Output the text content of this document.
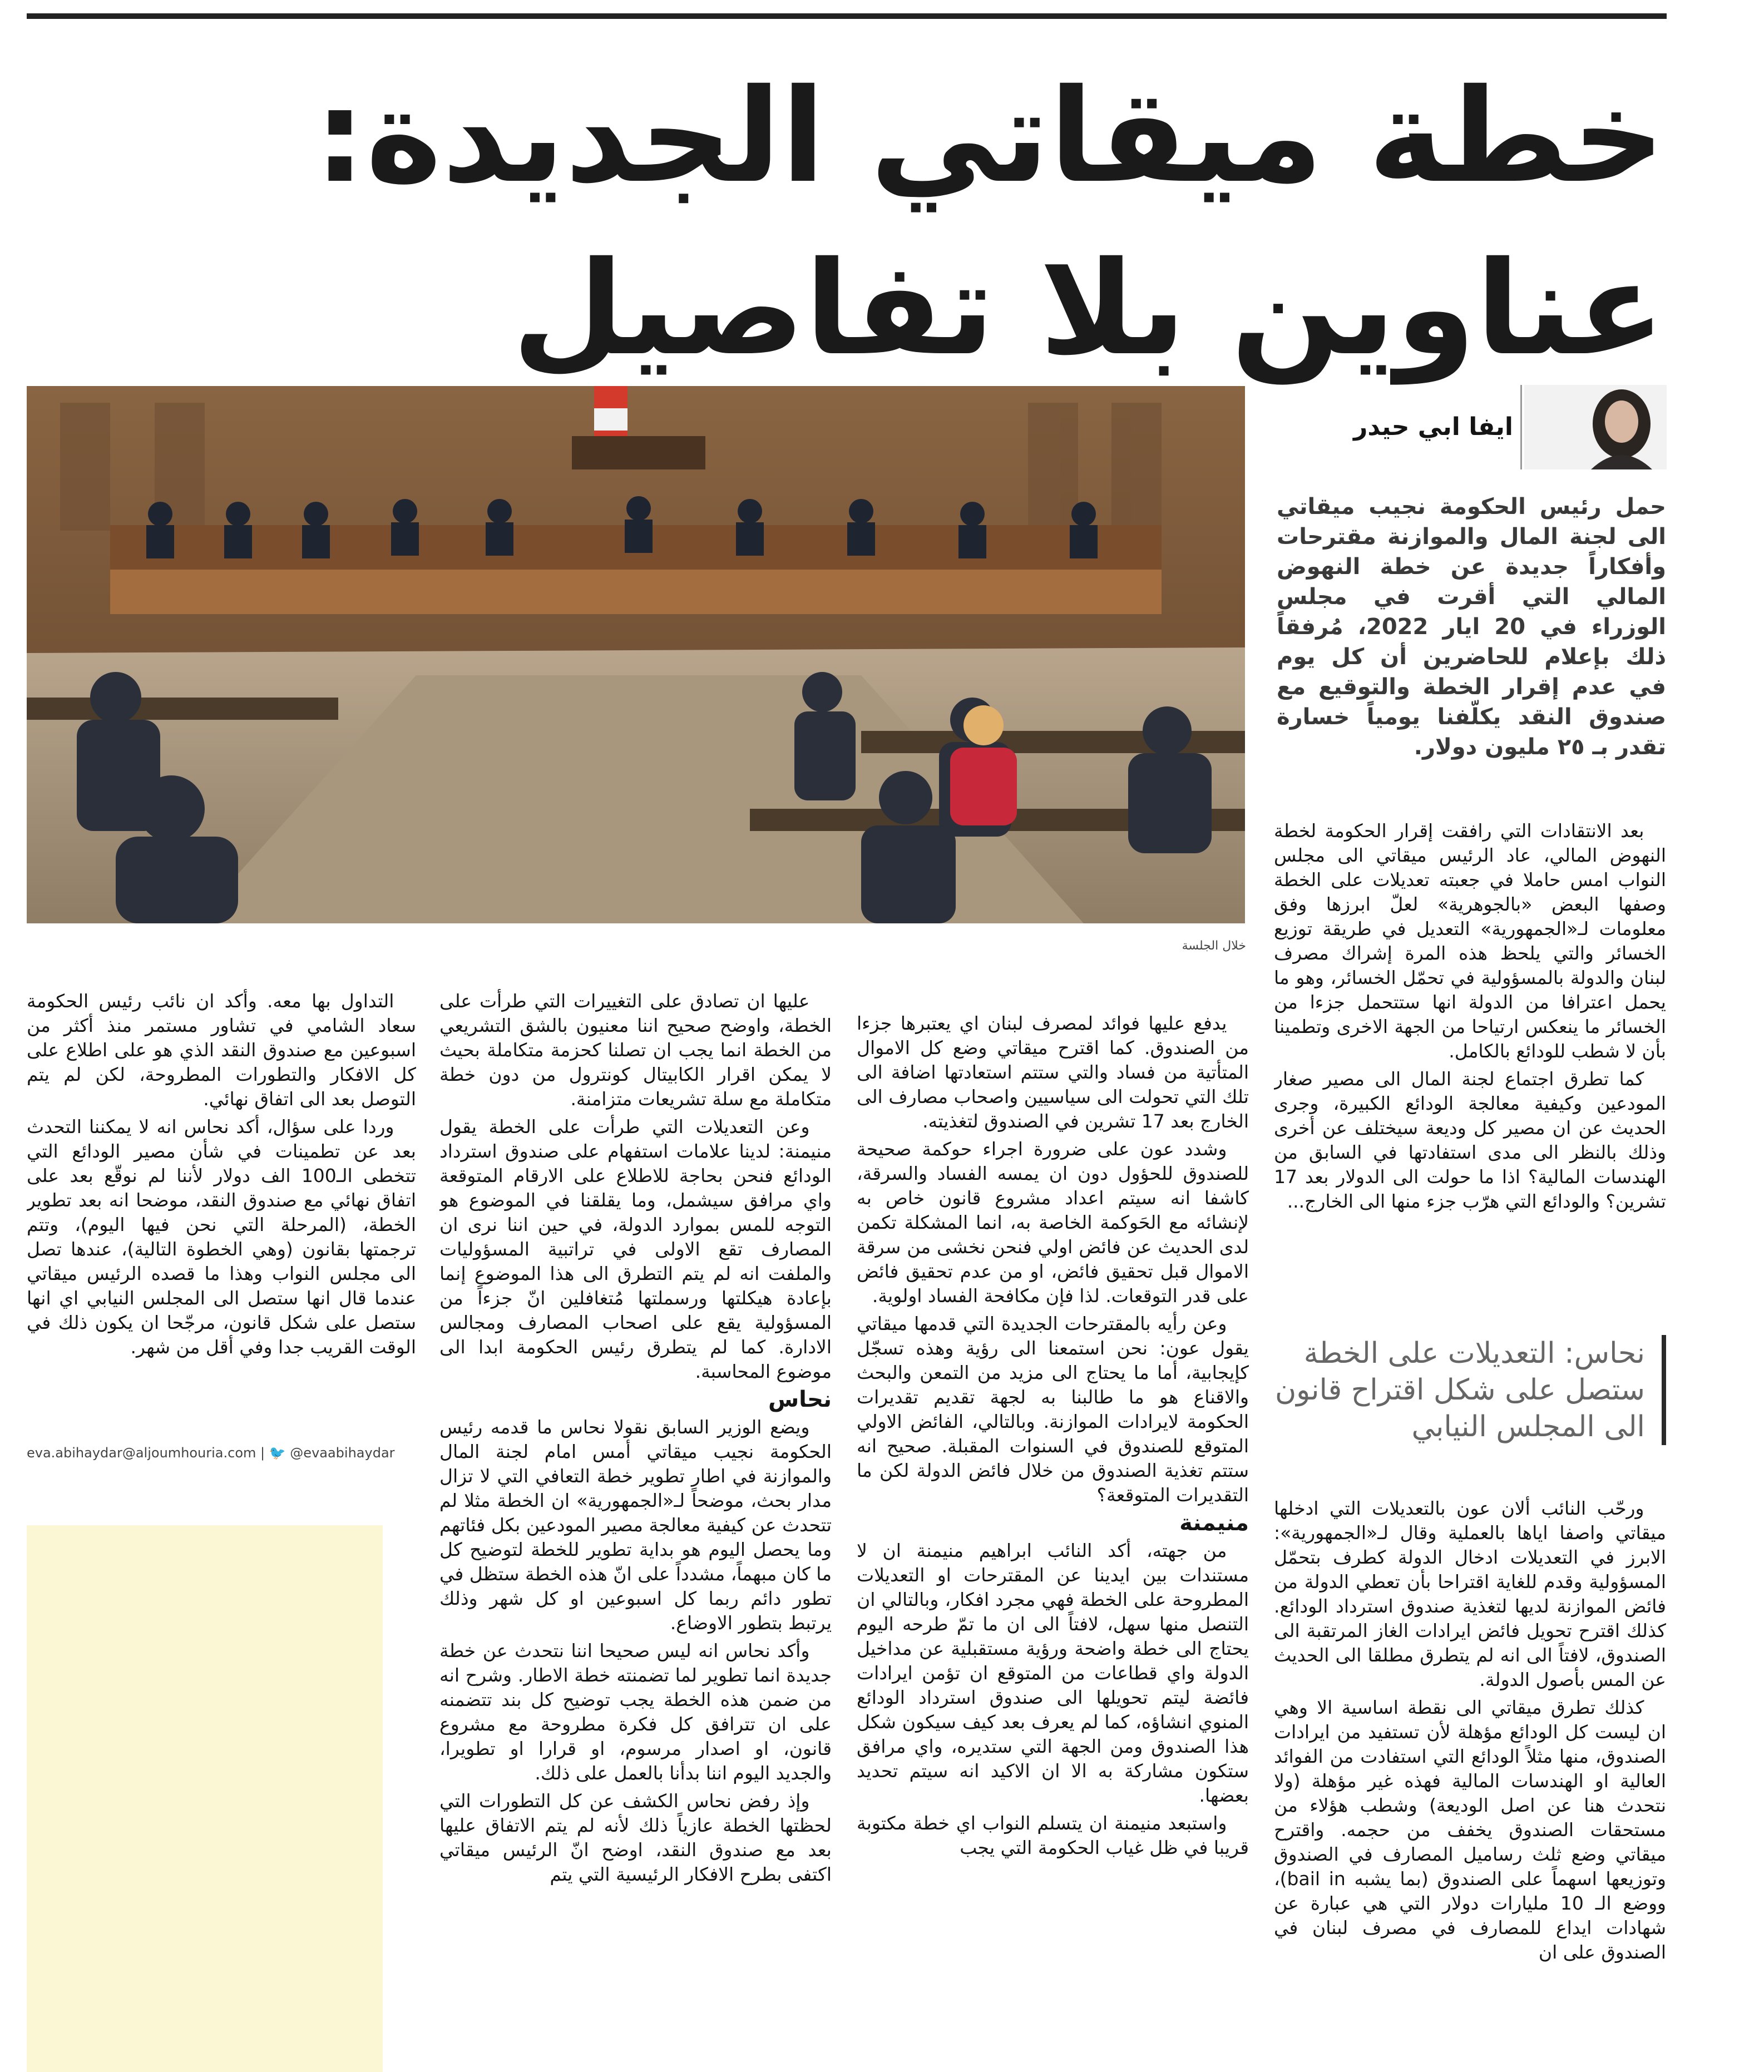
خطة ميقاتي الجديدة:
عناوين بلا تفاصيل
ايفا ابي حيدر

حمل رئيس الحكومة نجيب ميقاتي الى لجنة المال والموازنة مقترحات وأفكاراً جديدة عن خطة النهوض المالي التي أقرت في مجلس الوزراء في 20 ايار 2022، مُرفقاً ذلك بإعلام للحاضرين أن كل يوم في عدم إقرار الخطة والتوقيع مع صندوق النقد يكلّفنا يومياً خسارة تقدر بـ ٢٥ مليون دولار.

خلال الجلسة

بعد الانتقادات التي رافقت إقرار الحكومة لخطة النهوض المالي، عاد الرئيس ميقاتي الى مجلس النواب امس حاملا في جعبته تعديلات على الخطة وصفها البعض «بالجوهرية» لعلّ ابرزها وفق معلومات لـ«الجمهورية» التعديل في طريقة توزيع الخسائر والتي يلحظ هذه المرة إشراك مصرف لبنان والدولة بالمسؤولية في تحمّل الخسائر، وهو ما يحمل اعترافا من الدولة انها ستتحمل جزءا من الخسائر ما ينعكس ارتياحا من الجهة الاخرى وتطمينا بأن لا شطب للودائع بالكامل.

كما تطرق اجتماع لجنة المال الى مصير صغار المودعين وكيفية معالجة الودائع الكبيرة، وجرى الحديث عن ان مصير كل وديعة سيختلف عن أخرى وذلك بالنظر الى مدى استفادتها في السابق من الهندسات المالية؟ اذا ما حولت الى الدولار بعد 17 تشرين؟ والودائع التي هرّب جزء منها الى الخارج...

نحاس: التعديلات على الخطة ستصل على شكل اقتراح قانون الى المجلس النيابي

ورحّب النائب ألان عون بالتعديلات التي ادخلها ميقاتي واصفا اياها بالعملية وقال لـ«الجمهورية»: الابرز في التعديلات ادخال الدولة كطرف بتحمّل المسؤولية وقدم للغاية اقتراحا بأن تعطي الدولة من فائض الموازنة لديها لتغذية صندوق استرداد الودائع. كذلك اقترح تحويل فائض ايرادات الغاز المرتقبة الى الصندوق، لافتاً الى انه لم يتطرق مطلقا الى الحديث عن المس بأصول الدولة.

كذلك تطرق ميقاتي الى نقطة اساسية الا وهي ان ليست كل الودائع مؤهلة لأن تستفيد من ايرادات الصندوق، منها مثلاً الودائع التي استفادت من الفوائد العالية او الهندسات المالية فهذه غير مؤهلة (ولا نتحدث هنا عن اصل الوديعة) وشطب هؤلاء من مستحقات الصندوق يخفف من حجمه. واقترح ميقاتي وضع ثلث رساميل المصارف في الصندوق وتوزيعها اسهماً على الصندوق (بما يشبه bail in)، ووضع الـ 10 مليارات دولار التي هي عبارة عن شهادات ايداع للمصارف في مصرف لبنان في الصندوق على ان

يدفع عليها فوائد لمصرف لبنان اي يعتبرها جزءا من الصندوق. كما اقترح ميقاتي وضع كل الاموال المتأتية من فساد والتي ستتم استعادتها اضافة الى تلك التي تحولت الى سياسيين واصحاب مصارف الى الخارج بعد 17 تشرين في الصندوق لتغذيته.

وشدد عون على ضرورة اجراء حوكمة صحيحة للصندوق للحؤول دون ان يمسه الفساد والسرقة، كاشفا انه سيتم اعداد مشروع قانون خاص به لإنشائه مع الحَوكمة الخاصة به، انما المشكلة تكمن لدى الحديث عن فائض اولي فنحن نخشى من سرقة الاموال قبل تحقيق فائض، او من عدم تحقيق فائض على قدر التوقعات. لذا فإن مكافحة الفساد اولوية.

وعن رأيه بالمقترحات الجديدة التي قدمها ميقاتي يقول عون: نحن استمعنا الى رؤية وهذه تسجّل كإيجابية، أما ما يحتاج الى مزيد من التمعن والبحث والاقناع هو ما طالبنا به لجهة تقديم تقديرات الحكومة لايرادات الموازنة. وبالتالي، الفائض الاولي المتوقع للصندوق في السنوات المقبلة. صحيح انه ستتم تغذية الصندوق من خلال فائض الدولة لكن ما التقديرات المتوقعة؟

منيمنة

من جهته، أكد النائب ابراهيم منيمنة ان لا مستندات بين ايدينا عن المقترحات او التعديلات المطروحة على الخطة فهي مجرد افكار، وبالتالي ان التنصل منها سهل، لافتاً الى ان ما تمّ طرحه اليوم يحتاج الى خطة واضحة ورؤية مستقبلية عن مداخيل الدولة واي قطاعات من المتوقع ان تؤمن ايرادات فائضة ليتم تحويلها الى صندوق استرداد الودائع المنوي انشاؤه، كما لم يعرف بعد كيف سيكون شكل هذا الصندوق ومن الجهة التي ستديره، واي مرافق ستكون مشاركة به الا ان الاكيد انه سيتم تحديد بعضها.

واستبعد منيمنة ان يتسلم النواب اي خطة مكتوبة قريبا في ظل غياب الحكومة التي يجب

عليها ان تصادق على التغييرات التي طرأت على الخطة، واوضح صحيح اننا معنيون بالشق التشريعي من الخطة انما يجب ان تصلنا كحزمة متكاملة بحيث لا يمكن اقرار الكابيتال كونترول من دون خطة متكاملة مع سلة تشريعات متزامنة.

وعن التعديلات التي طرأت على الخطة يقول منيمنة: لدينا علامات استفهام على صندوق استرداد الودائع فنحن بحاجة للاطلاع على الارقام المتوقعة واي مرافق سيشمل، وما يقلقنا في الموضوع هو التوجه للمس بموارد الدولة، في حين اننا نرى ان المصارف تقع الاولى في تراتبية المسؤوليات والملفت انه لم يتم التطرق الى هذا الموضوع إنما بإعادة هيكلتها ورسملتها مُتغافلين انّ جزءاً من المسؤولية يقع على اصحاب المصارف ومجالس الادارة. كما لم يتطرق رئيس الحكومة ابدا الى موضوع المحاسبة.

نحاس

ويضع الوزير السابق نقولا نحاس ما قدمه رئيس الحكومة نجيب ميقاتي أمس امام لجنة المال والموازنة في اطار تطوير خطة التعافي التي لا تزال مدار بحث، موضحاً لـ«الجمهورية» ان الخطة مثلا لم تتحدث عن كيفية معالجة مصير المودعين بكل فئاتهم وما يحصل اليوم هو بداية تطوير للخطة لتوضيح كل ما كان مبهماً، مشدداً على انّ هذه الخطة ستظل في تطور دائم ربما كل اسبوعين او كل شهر وذلك يرتبط بتطور الاوضاع.

وأكد نحاس انه ليس صحيحا اننا نتحدث عن خطة جديدة انما تطوير لما تضمنته خطة الاطار. وشرح انه من ضمن هذه الخطة يجب توضيح كل بند تتضمنه على ان تترافق كل فكرة مطروحة مع مشروع قانون، او اصدار مرسوم، او قرارا او تطويرا، والجديد اليوم اننا بدأنا بالعمل على ذلك.

وإذ رفض نحاس الكشف عن كل التطورات التي لحظتها الخطة عازياً ذلك لأنه لم يتم الاتفاق عليها بعد مع صندوق النقد، اوضح انّ الرئيس ميقاتي اكتفى بطرح الافكار الرئيسية التي يتم

التداول بها معه. وأكد ان نائب رئيس الحكومة سعاد الشامي في تشاور مستمر منذ أكثر من اسبوعين مع صندوق النقد الذي هو على اطلاع على كل الافكار والتطورات المطروحة، لكن لم يتم التوصل بعد الى اتفاق نهائي.

وردا على سؤال، أكد نحاس انه لا يمكننا التحدث بعد عن تطمينات في شأن مصير الودائع التي تتخطى الـ100 الف دولار لأننا لم نوقّع بعد على اتفاق نهائي مع صندوق النقد، موضحا انه بعد تطوير الخطة، (المرحلة التي نحن فيها اليوم)، وتتم ترجمتها بقانون (وهي الخطوة التالية)، عندها تصل الى مجلس النواب وهذا ما قصده الرئيس ميقاتي عندما قال انها ستصل الى المجلس النيابي اي انها ستصل على شكل قانون، مرجّحا ان يكون ذلك في الوقت القريب جدا وفي أقل من شهر.

eva.abihaydar@aljoumhouria.com | 🐦 @evaabihaydar
